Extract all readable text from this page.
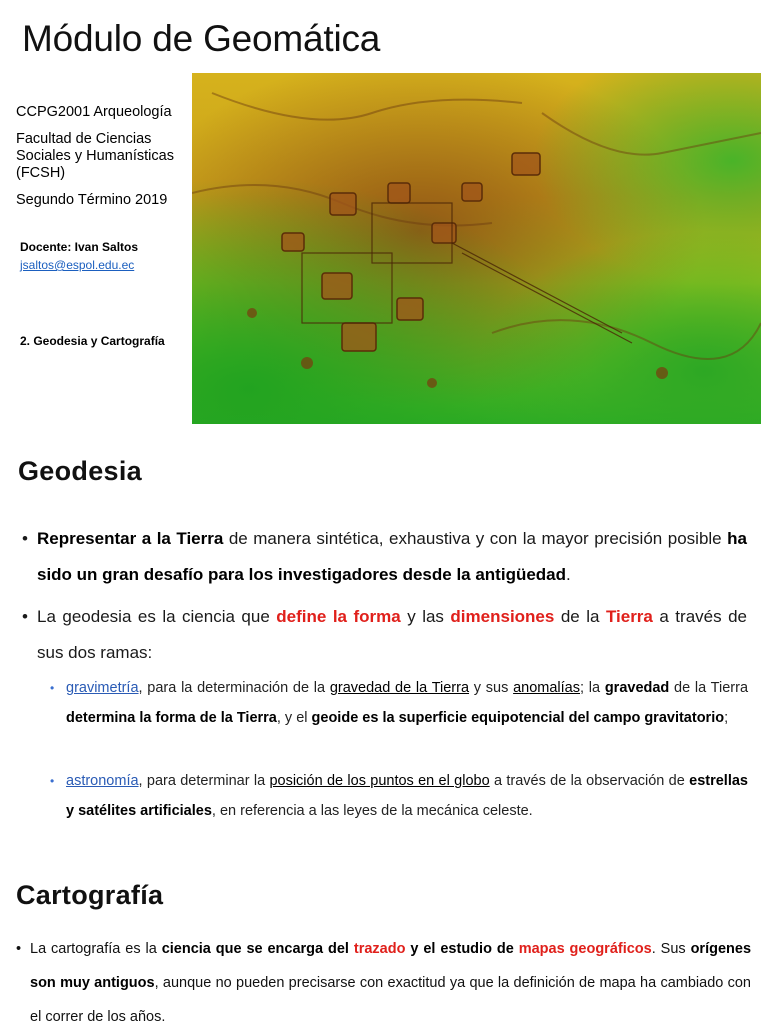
Módulo de Geomática
CCPG2001 Arqueología
Facultad de Ciencias Sociales y Humanísticas (FCSH)
Segundo Término 2019
Docente: Ivan Saltos
jsaltos@espol.edu.ec
2. Geodesia y Cartografía
Geodesia
• Representar a la Tierra de manera sintética, exhaustiva y con la mayor precisión posible ha sido un gran desafío para los investigadores desde la antigüedad.
• La geodesia es la ciencia que define la forma y las dimensiones de la Tierra a través de sus dos ramas:
• gravimetría, para la determinación de la gravedad de la Tierra y sus anomalías; la gravedad de la Tierra determina la forma de la Tierra, y el geoide es la superficie equipotencial del campo gravitatorio;
• astronomía, para determinar la posición de los puntos en el globo a través de la observación de estrellas y satélites artificiales, en referencia a las leyes de la mecánica celeste.
Cartografía
• La cartografía es la ciencia que se encarga del trazado y el estudio de mapas geográficos. Sus orígenes son muy antiguos, aunque no pueden precisarse con exactitud ya que la definición de mapa ha cambiado con el correr de los años.
